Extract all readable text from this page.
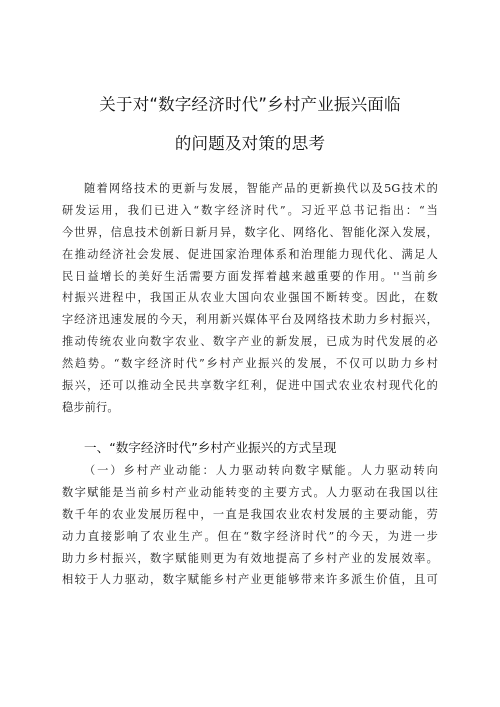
关于对“数字经济时代”乡村产业振兴面临
的问题及对策的思考
随着网络技术的更新与发展，智能产品的更新换代以及5G技术的
研发运用，我们已进入“数字经济时代”。习近平总书记指出：“当
今世界，信息技术创新日新月异，数字化、网络化、智能化深入发展，
在推动经济社会发展、促进国家治理体系和治理能力现代化、满足人
民日益增长的美好生活需要方面发挥着越来越重要的作用。''当前乡
村振兴进程中，我国正从农业大国向农业强国不断转变。因此，在数
字经济迅速发展的今天，利用新兴媒体平台及网络技术助力乡村振兴，
推动传统农业向数字农业、数字产业的新发展，已成为时代发展的必
然趋势。“数字经济时代”乡村产业振兴的发展，不仅可以助力乡村
振兴，还可以推动全民共享数字红利，促进中国式农业农村现代化的
稳步前行。
一、“数字经济时代”乡村产业振兴的方式呈现
（一）乡村产业动能：人力驱动转向数字赋能。人力驱动转向
数字赋能是当前乡村产业动能转变的主要方式。人力驱动在我国以往
数千年的农业发展历程中，一直是我国农业农村发展的主要动能，劳
动力直接影响了农业生产。但在“数字经济时代”的今天，为进一步
助力乡村振兴，数字赋能则更为有效地提高了乡村产业的发展效率。
相较于人力驱动，数字赋能乡村产业更能够带来许多派生价值，且可
